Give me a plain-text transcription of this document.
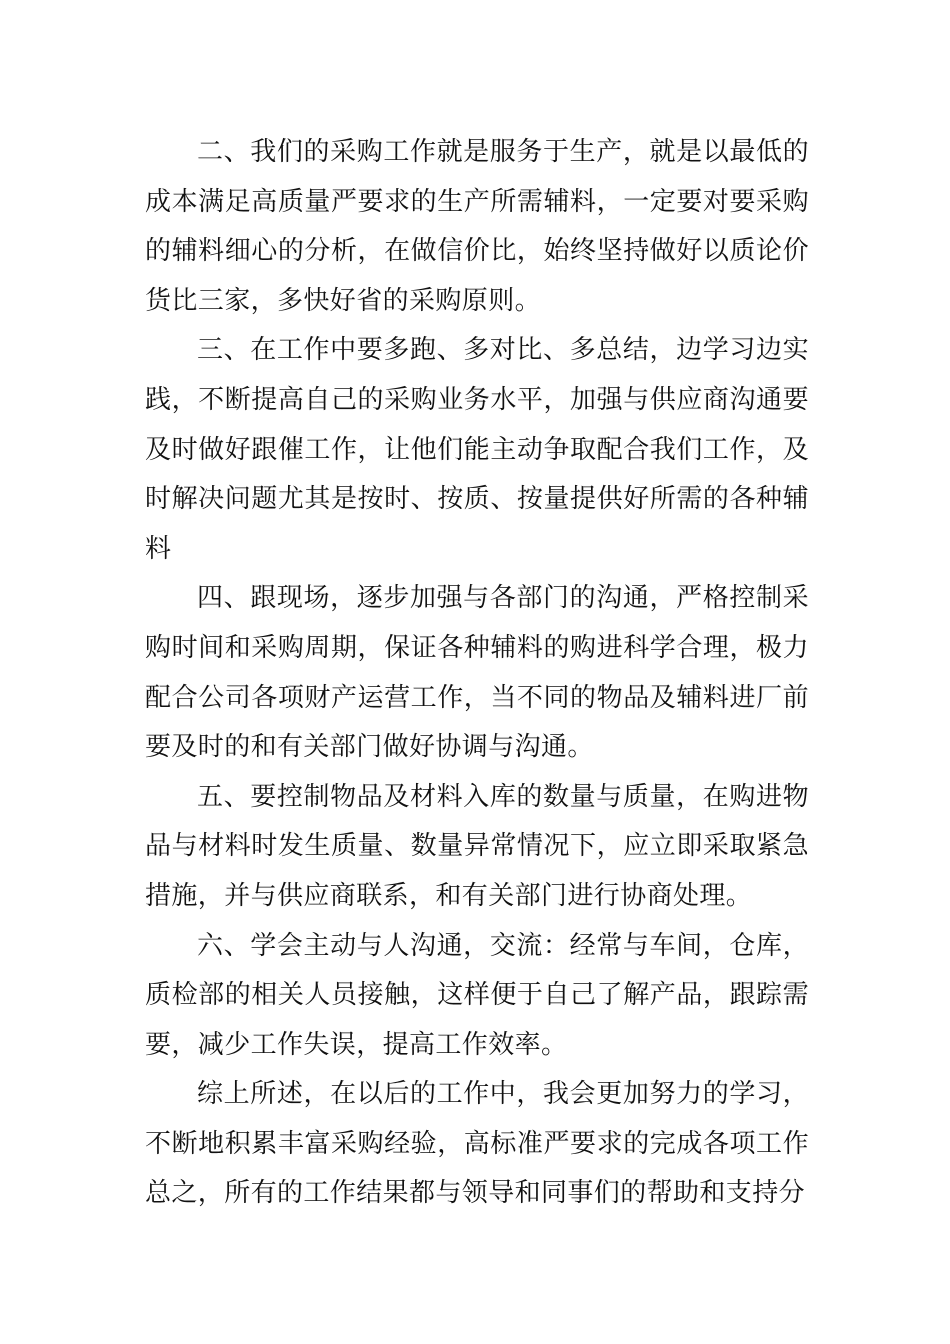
二、我们的采购工作就是服务于生产，就是以最低的成本满足高质量严要求的生产所需辅料，一定要对要采购的辅料细心的分析，在做信价比，始终坚持做好以质论价货比三家，多快好省的采购原则。

三、在工作中要多跑、多对比、多总结，边学习边实践，不断提高自己的采购业务水平，加强与供应商沟通要及时做好跟催工作，让他们能主动争取配合我们工作，及时解决问题尤其是按时、按质、按量提供好所需的各种辅料

四、跟现场，逐步加强与各部门的沟通，严格控制采购时间和采购周期，保证各种辅料的购进科学合理，极力配合公司各项财产运营工作，当不同的物品及辅料进厂前要及时的和有关部门做好协调与沟通。

五、要控制物品及材料入库的数量与质量，在购进物品与材料时发生质量、数量异常情况下，应立即采取紧急措施，并与供应商联系，和有关部门进行协商处理。

六、学会主动与人沟通，交流：经常与车间，仓库，质检部的相关人员接触，这样便于自己了解产品，跟踪需要，减少工作失误，提高工作效率。

综上所述，在以后的工作中，我会更加努力的学习，不断地积累丰富采购经验，高标准严要求的完成各项工作总之，所有的工作结果都与领导和同事们的帮助和支持分
